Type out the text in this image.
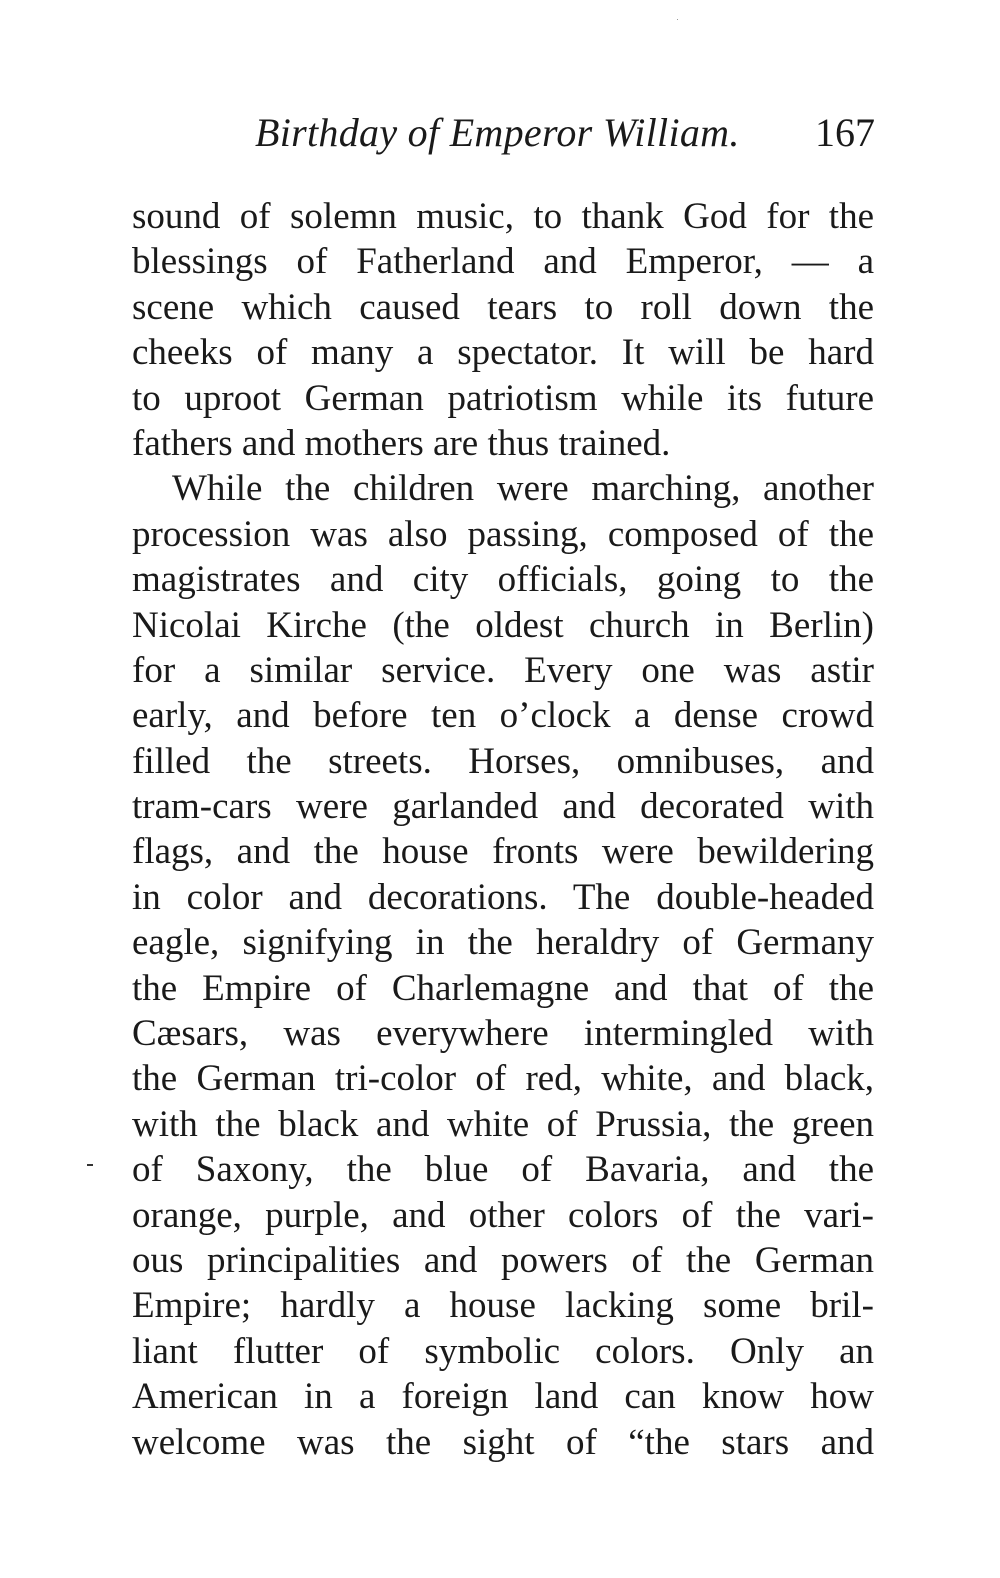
Birthday of Emperor William. 167
sound of solemn music, to thank God for the
blessings of Fatherland and Emperor, — a
scene which caused tears to roll down the
cheeks of many a spectator. It will be hard
to uproot German patriotism while its future
fathers and mothers are thus trained.
While the children were marching, another
procession was also passing, composed of the
magistrates and city officials, going to the
Nicolai Kirche (the oldest church in Berlin)
for a similar service. Every one was astir
early, and before ten o’clock a dense crowd
filled the streets. Horses, omnibuses, and
tram-cars were garlanded and decorated with
flags, and the house fronts were bewildering
in color and decorations. The double-headed
eagle, signifying in the heraldry of Germany
the Empire of Charlemagne and that of the
Cæsars, was everywhere intermingled with
the German tri-color of red, white, and black,
with the black and white of Prussia, the green
of Saxony, the blue of Bavaria, and the
orange, purple, and other colors of the vari-
ous principalities and powers of the German
Empire; hardly a house lacking some bril-
liant flutter of symbolic colors. Only an
American in a foreign land can know how
welcome was the sight of “the stars and
